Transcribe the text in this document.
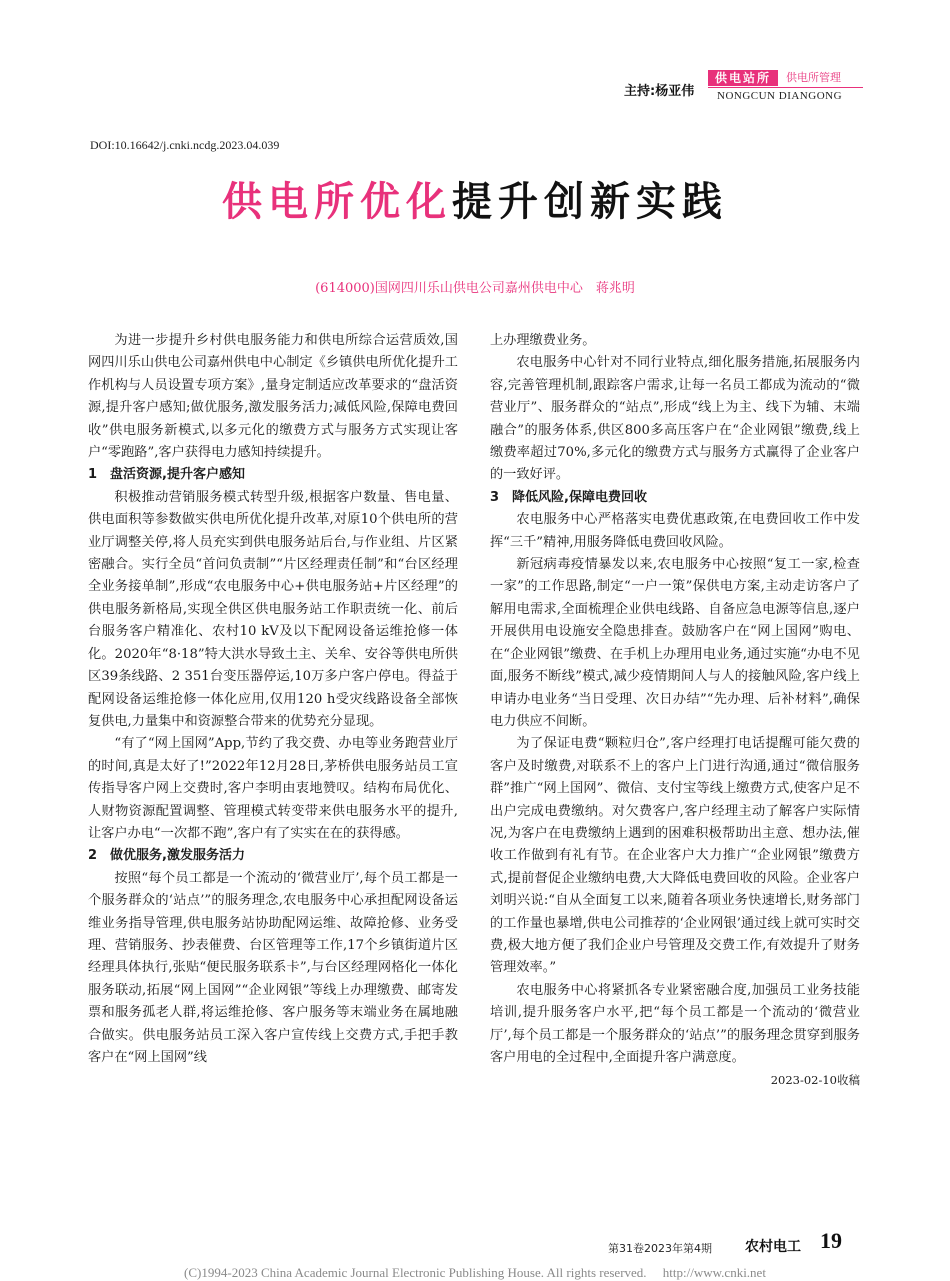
主持:杨亚伟
供电站所	供电所管理
NONGCUN DIANGONG
DOI:10.16642/j.cnki.ncdg.2023.04.039
供电所优化提升创新实践
(614000)国网四川乐山供电公司嘉州供电中心　蒋兆明

为进一步提升乡村供电服务能力和供电所综合运营质效,国网四川乐山供电公司嘉州供电中心制定《乡镇供电所优化提升工作机构与人员设置专项方案》,量身定制适应改革要求的“盘活资源,提升客户感知;做优服务,激发服务活力;减低风险,保障电费回收”供电服务新模式,以多元化的缴费方式与服务方式实现让客户“零跑路”,客户获得电力感知持续提升。

1 盘活资源,提升客户感知

积极推动营销服务模式转型升级,根据客户数量、售电量、供电面积等参数做实供电所优化提升改革,对原10个供电所的营业厅调整关停,将人员充实到供电服务站后台,与作业组、片区紧密融合。实行全员“首问负责制”“片区经理责任制”和“台区经理全业务接单制”,形成“农电服务中心+供电服务站+片区经理”的供电服务新格局,实现全供区供电服务站工作职责统一化、前后台服务客户精准化、农村10 kV及以下配网设备运维抢修一体化。2020年“8·18”特大洪水导致土主、关牟、安谷等供电所供区39条线路、2 351台变压器停运,10万多户客户停电。得益于配网设备运维抢修一体化应用,仅用120 h受灾线路设备全部恢复供电,力量集中和资源整合带来的优势充分显现。

“有了“网上国网”App,节约了我交费、办电等业务跑营业厅的时间,真是太好了!”2022年12月28日,茅桥供电服务站员工宣传指导客户网上交费时,客户李明由衷地赞叹。结构布局优化、人财物资源配置调整、管理模式转变带来供电服务水平的提升,让客户办电“一次都不跑”,客户有了实实在在的获得感。

2 做优服务,激发服务活力

按照“每个员工都是一个流动的‘微营业厅’,每个员工都是一个服务群众的‘站点’”的服务理念,农电服务中心承担配网设备运维业务指导管理,供电服务站协助配网运维、故障抢修、业务受理、营销服务、抄表催费、台区管理等工作,17个乡镇街道片区经理具体执行,张贴“便民服务联系卡”,与台区经理网格化一体化服务联动,拓展“网上国网”“企业网银”等线上办理缴费、邮寄发票和服务孤老人群,将运维抢修、客户服务等末端业务在属地融合做实。供电服务站员工深入客户宣传线上交费方式,手把手教客户在“网上国网”线

上办理缴费业务。

农电服务中心针对不同行业特点,细化服务措施,拓展服务内容,完善管理机制,跟踪客户需求,让每一名员工都成为流动的“微营业厅”、服务群众的“站点”,形成“线上为主、线下为辅、末端融合”的服务体系,供区800多高压客户在“企业网银”缴费,线上缴费率超过70%,多元化的缴费方式与服务方式赢得了企业客户的一致好评。

3 降低风险,保障电费回收

农电服务中心严格落实电费优惠政策,在电费回收工作中发挥“三千”精神,用服务降低电费回收风险。

新冠病毒疫情暴发以来,农电服务中心按照“复工一家,检查一家”的工作思路,制定“一户一策”保供电方案,主动走访客户了解用电需求,全面梳理企业供电线路、自备应急电源等信息,逐户开展供用电设施安全隐患排查。鼓励客户在“网上国网”购电、在“企业网银”缴费、在手机上办理用电业务,通过实施“办电不见面,服务不断线”模式,减少疫情期间人与人的接触风险,客户线上申请办电业务“当日受理、次日办结”“先办理、后补材料”,确保电力供应不间断。

为了保证电费“颗粒归仓”,客户经理打电话提醒可能欠费的客户及时缴费,对联系不上的客户上门进行沟通,通过“微信服务群”推广“网上国网”、微信、支付宝等线上缴费方式,使客户足不出户完成电费缴纳。对欠费客户,客户经理主动了解客户实际情况,为客户在电费缴纳上遇到的困难积极帮助出主意、想办法,催收工作做到有礼有节。在企业客户大力推广“企业网银”缴费方式,提前督促企业缴纳电费,大大降低电费回收的风险。企业客户刘明兴说:“自从全面复工以来,随着各项业务快速增长,财务部门的工作量也暴增,供电公司推荐的‘企业网银’通过线上就可实时交费,极大地方便了我们企业户号管理及交费工作,有效提升了财务管理效率。”

农电服务中心将紧抓各专业紧密融合度,加强员工业务技能培训,提升服务客户水平,把“每个员工都是一个流动的‘微营业厅’,每个员工都是一个服务群众的‘站点’”的服务理念贯穿到服务客户用电的全过程中,全面提升客户满意度。

2023-02-10收稿
第31卷2023年第4期 农村电工 19
(C)1994-2023 China Academic Journal Electronic Publishing House. All rights reserved.　 http://www.cnki.net
